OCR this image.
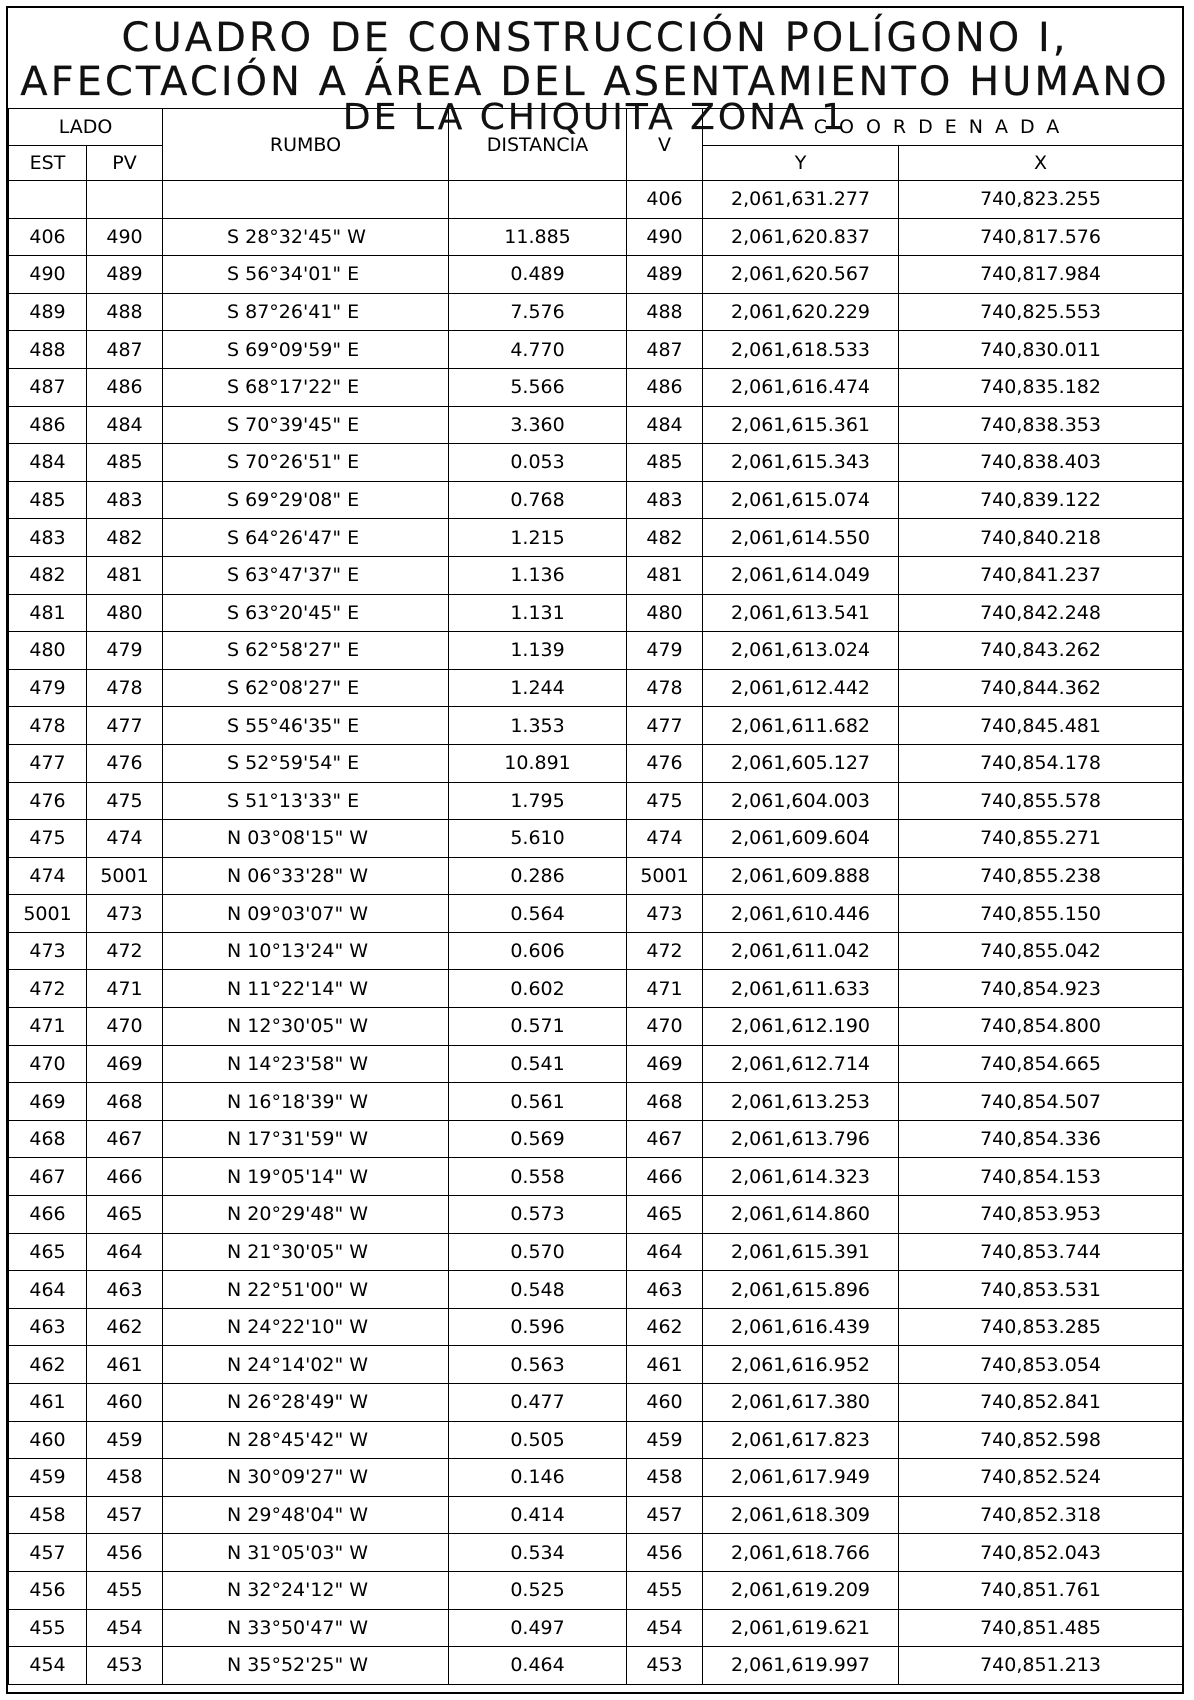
CUADRO DE CONSTRUCCIÓN POLÍGONO I,
AFECTACIÓN A ÁREA DEL ASENTAMIENTO HUMANO
DE LA CHIQUITA ZONA 1
LADO		RUMBO	DISTANCIA	V	COORDENADA	
EST	PV				Y	X
				406	2,061,631.277	740,823.255
406	490	S 28°32'45" W	11.885	490	2,061,620.837	740,817.576
490	489	S 56°34'01" E	0.489	489	2,061,620.567	740,817.984
489	488	S 87°26'41" E	7.576	488	2,061,620.229	740,825.553
488	487	S 69°09'59" E	4.770	487	2,061,618.533	740,830.011
487	486	S 68°17'22" E	5.566	486	2,061,616.474	740,835.182
486	484	S 70°39'45" E	3.360	484	2,061,615.361	740,838.353
484	485	S 70°26'51" E	0.053	485	2,061,615.343	740,838.403
485	483	S 69°29'08" E	0.768	483	2,061,615.074	740,839.122
483	482	S 64°26'47" E	1.215	482	2,061,614.550	740,840.218
482	481	S 63°47'37" E	1.136	481	2,061,614.049	740,841.237
481	480	S 63°20'45" E	1.131	480	2,061,613.541	740,842.248
480	479	S 62°58'27" E	1.139	479	2,061,613.024	740,843.262
479	478	S 62°08'27" E	1.244	478	2,061,612.442	740,844.362
478	477	S 55°46'35" E	1.353	477	2,061,611.682	740,845.481
477	476	S 52°59'54" E	10.891	476	2,061,605.127	740,854.178
476	475	S 51°13'33" E	1.795	475	2,061,604.003	740,855.578
475	474	N 03°08'15" W	5.610	474	2,061,609.604	740,855.271
474	5001	N 06°33'28" W	0.286	5001	2,061,609.888	740,855.238
5001	473	N 09°03'07" W	0.564	473	2,061,610.446	740,855.150
473	472	N 10°13'24" W	0.606	472	2,061,611.042	740,855.042
472	471	N 11°22'14" W	0.602	471	2,061,611.633	740,854.923
471	470	N 12°30'05" W	0.571	470	2,061,612.190	740,854.800
470	469	N 14°23'58" W	0.541	469	2,061,612.714	740,854.665
469	468	N 16°18'39" W	0.561	468	2,061,613.253	740,854.507
468	467	N 17°31'59" W	0.569	467	2,061,613.796	740,854.336
467	466	N 19°05'14" W	0.558	466	2,061,614.323	740,854.153
466	465	N 20°29'48" W	0.573	465	2,061,614.860	740,853.953
465	464	N 21°30'05" W	0.570	464	2,061,615.391	740,853.744
464	463	N 22°51'00" W	0.548	463	2,061,615.896	740,853.531
463	462	N 24°22'10" W	0.596	462	2,061,616.439	740,853.285
462	461	N 24°14'02" W	0.563	461	2,061,616.952	740,853.054
461	460	N 26°28'49" W	0.477	460	2,061,617.380	740,852.841
460	459	N 28°45'42" W	0.505	459	2,061,617.823	740,852.598
459	458	N 30°09'27" W	0.146	458	2,061,617.949	740,852.524
458	457	N 29°48'04" W	0.414	457	2,061,618.309	740,852.318
457	456	N 31°05'03" W	0.534	456	2,061,618.766	740,852.043
456	455	N 32°24'12" W	0.525	455	2,061,619.209	740,851.761
455	454	N 33°50'47" W	0.497	454	2,061,619.621	740,851.485
454	453	N 35°52'25" W	0.464	453	2,061,619.997	740,851.213
